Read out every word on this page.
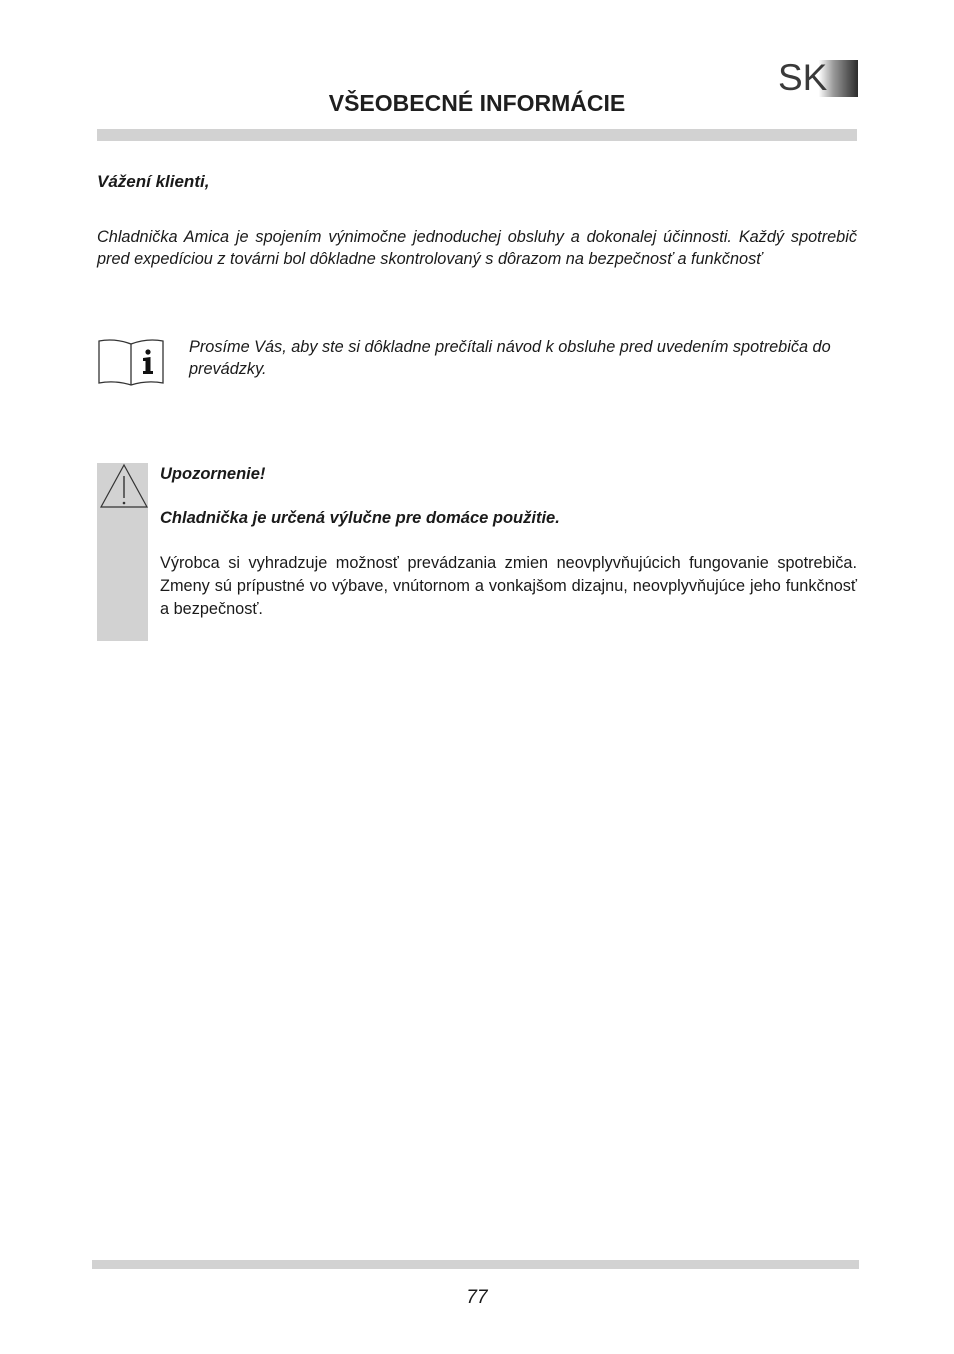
SK
VŠEOBECNÉ INFORMÁCIE
Vážení klienti,
Chladnička Amica je spojením výnimočne jednoduchej obsluhy a dokonalej účinnosti. Každý spotrebič pred expedíciou z továrni bol dôkladne skontrolovaný s dôrazom na bezpečnosť a funkčnosť
Prosíme Vás, aby ste si dôkladne prečítali návod k obsluhe pred uvedením spotrebiča do prevádzky.
Upozornenie!
Chladnička je určená výlučne pre domáce použitie.
Výrobca si vyhradzuje možnosť prevádzania zmien neovplyvňujúcich fungovanie spotrebiča. Zmeny sú prípustné vo výbave, vnútornom a vonkajšom dizajnu, neovplyvňujúce jeho funkčnosť a bezpečnosť.
77
